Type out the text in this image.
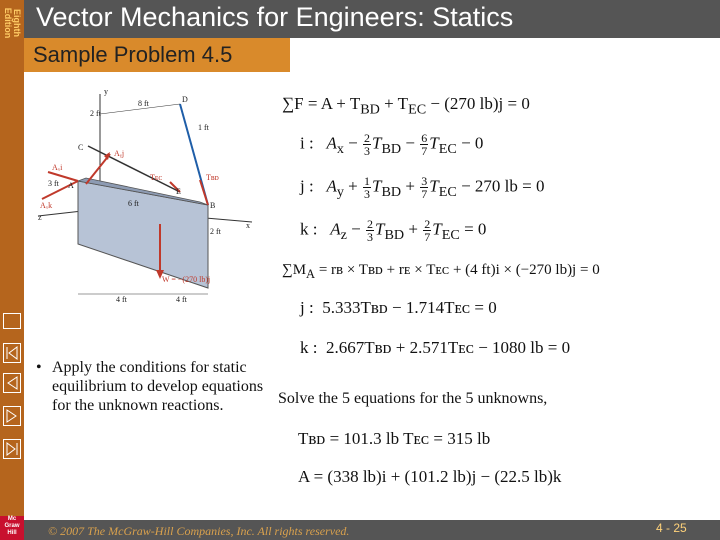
Eighth
Edition
Mc
Graw
Hill
Vector Mechanics for Engineers: Statics
Sample Problem 4.5
y
D
2 ft
8 ft
1 ft
C
Aᵧj
Aₓi
Aₓk
A
Tᴇᴄ	Tʙᴅ
E
B
3 ft
6 ft
2 ft
x
z
W = −(270 lb)j
4 ft	4 ft
• Apply the conditions for static equilibrium to develop equations for the unknown reactions.
$\sum F = A + T_{BD} + T_{EC} - (270$ lb)j = 0
i : $A_x - \frac{2}{3} T_{BD} - \frac{6}{7} T_{EC} - 0$
j : $A_y + \frac{1}{3} T_{BD} + \frac{3}{7} T_{EC} - 270$ lb = 0
k : $A_z - \frac{2}{3} T_{BD} + \frac{2}{7} T_{EC} = 0$
$\sum M_A$ = rʙ × Tʙᴅ + rᴇ × Tᴇᴄ + (4 ft)i × (−270 lb)j = 0
j : 5.333Tʙᴅ − 1.714Tᴇᴄ = 0
k : 2.667Tʙᴅ + 2.571Tᴇᴄ − 1080 lb = 0
Solve the 5 equations for the 5 unknowns,
Tʙᴅ = 101.3 lb Tᴇᴄ = 315 lb
A = (338 lb)i + (101.2 lb)j − (22.5 lb)k
© 2007 The McGraw-Hill Companies, Inc. All rights reserved.	4 - 25
